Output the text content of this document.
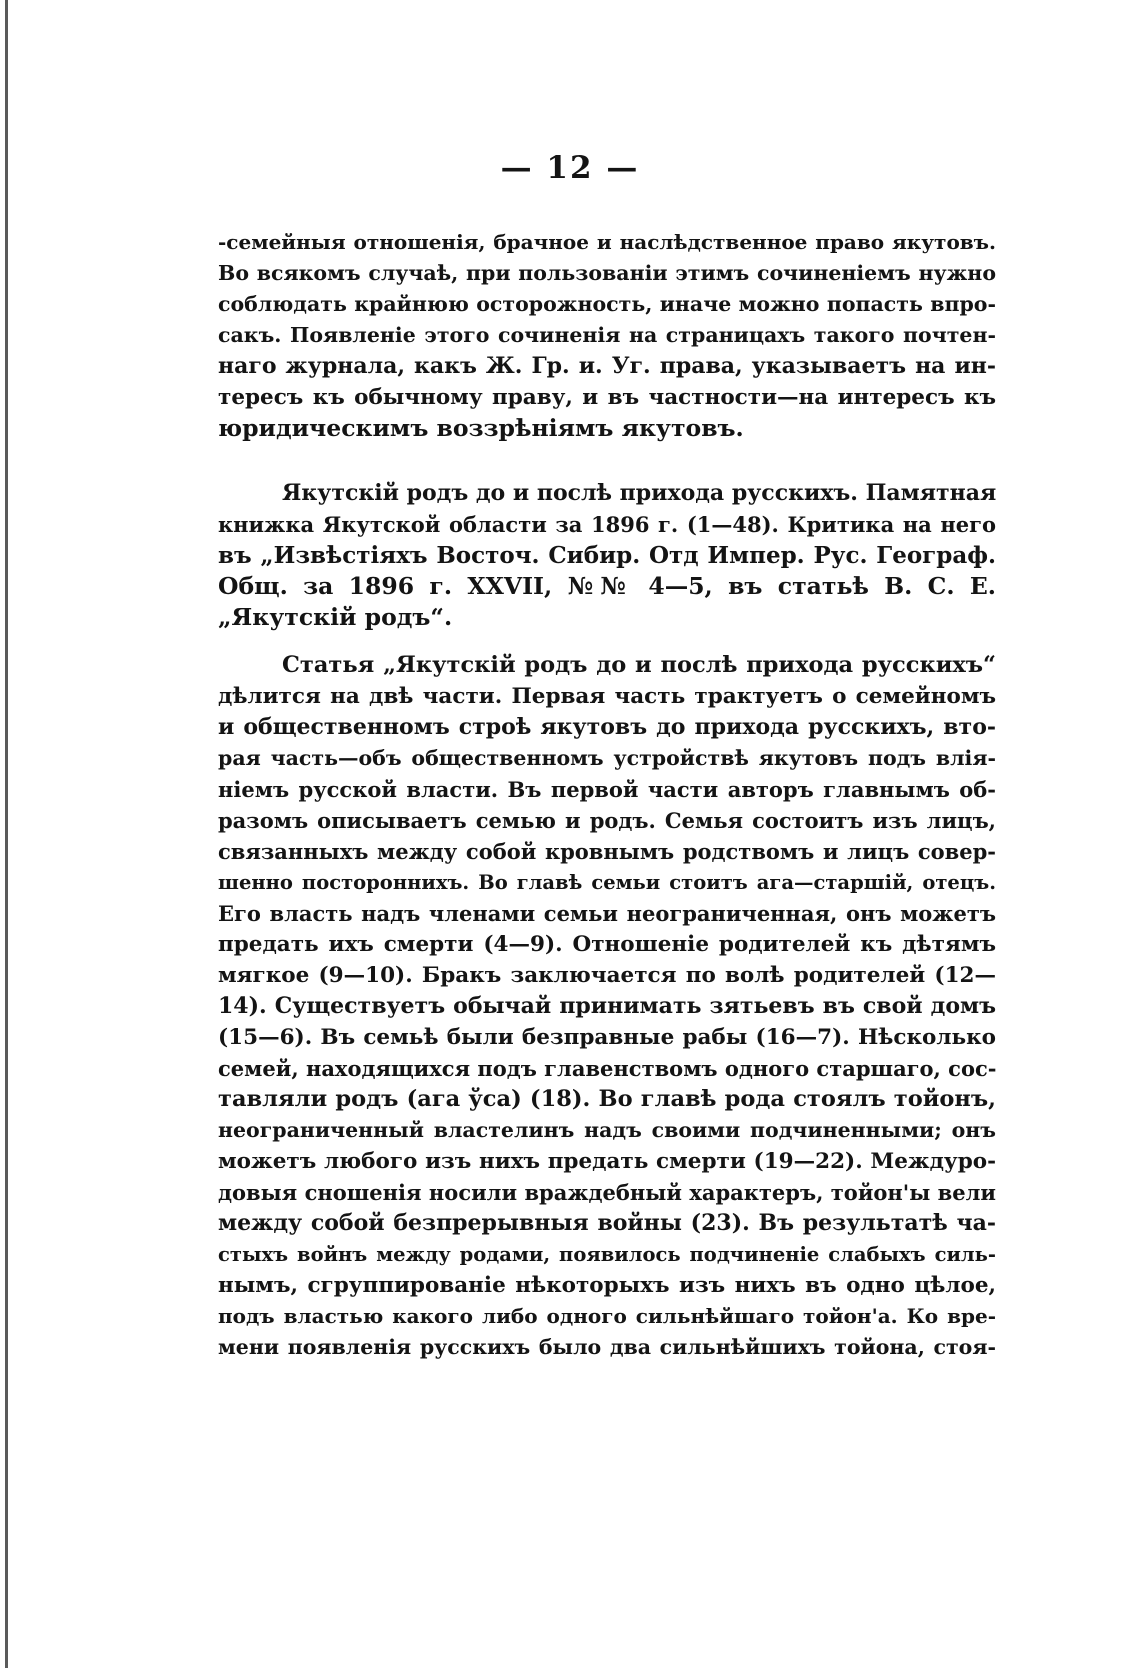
— 12 —
-семейныя отношенія, брачное и наслѣдственное право якутовъ.
Во всякомъ случаѣ, при пользованіи этимъ сочиненіемъ нужно
соблюдать крайнюю осторожность, иначе можно попасть впро-
сакъ. Появленіе этого сочиненія на страницахъ такого почтен-
наго журнала, какъ Ж. Гр. и. Уг. права, указываетъ на ин-
тересъ къ обычному праву, и въ частности—на интересъ къ
юридическимъ воззрѣніямъ якутовъ.
Якутскій родъ до и послѣ прихода русскихъ. Памятная
книжка Якутской области за 1896 г. (1—48). Критика на него
въ „Извѣстіяхъ Восточ. Сибир. Отд Импер. Рус. Географ.
Общ. за 1896 г. XXVII, №№ 4—5, въ статьѣ В. С. Е.
„Якутскій родъ“.
Статья „Якутскій родъ до и послѣ прихода русскихъ“
дѣлится на двѣ части. Первая часть трактуетъ о семейномъ
и общественномъ строѣ якутовъ до прихода русскихъ, вто-
рая часть—объ общественномъ устройствѣ якутовъ подъ влія-
ніемъ русской власти. Въ первой части авторъ главнымъ об-
разомъ описываетъ семью и родъ. Семья состоитъ изъ лицъ,
связанныхъ между собой кровнымъ родствомъ и лицъ совер-
шенно постороннихъ. Во главѣ семьи стоитъ ага—старшій, отецъ.
Его власть надъ членами семьи неограниченная, онъ можетъ
предать ихъ смерти (4—9). Отношеніе родителей къ дѣтямъ
мягкое (9—10). Бракъ заключается по волѣ родителей (12—
14). Существуетъ обычай принимать зятьевъ въ свой домъ
(15—6). Въ семьѣ были безправные рабы (16—7). Нѣсколько
семей, находящихся подъ главенствомъ одного старшаго, сос-
тавляли родъ (ага ўса) (18). Во главѣ рода стоялъ тойонъ,
неограниченный властелинъ надъ своими подчиненными; онъ
можетъ любого изъ нихъ предать смерти (19—22). Междуро-
довыя сношенія носили враждебный характеръ, тойон'ы вели
между собой безпрерывныя войны (23). Въ результатѣ ча-
стыхъ войнъ между родами, появилось подчиненіе слабыхъ силь-
нымъ, сгруппированіе нѣкоторыхъ изъ нихъ въ одно цѣлое,
подъ властью какого либо одного сильнѣйшаго тойон'а. Ко вре-
мени появленія русскихъ было два сильнѣйшихъ тойона, стоя-
